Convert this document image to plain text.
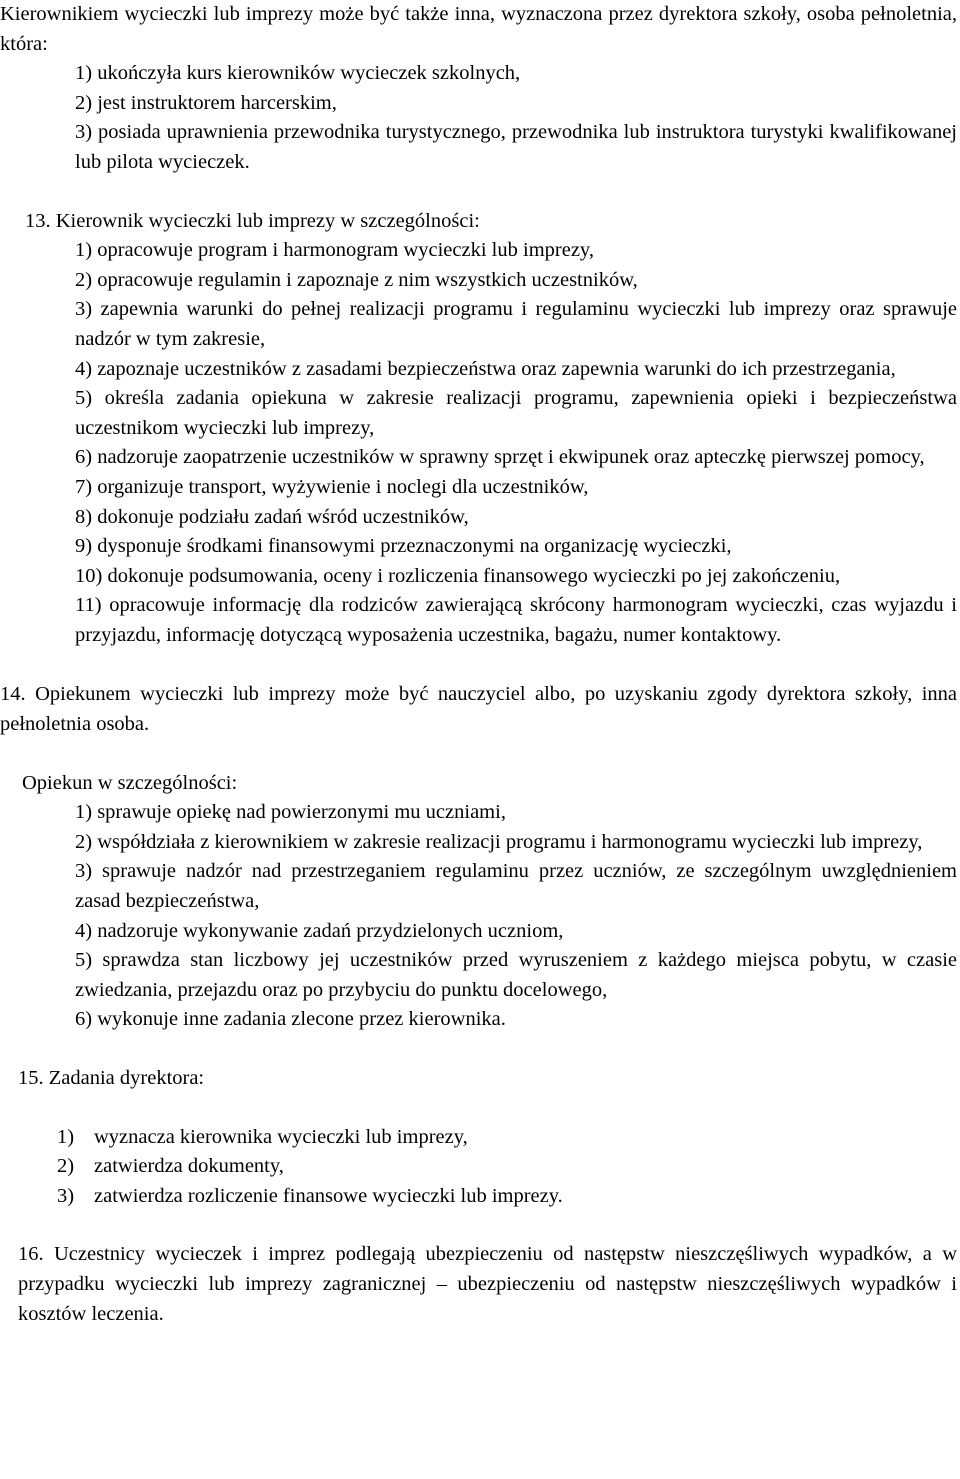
Kierownikiem wycieczki lub imprezy może być także inna, wyznaczona przez dyrektora szkoły, osoba pełnoletnia, która:

1) ukończyła kurs kierowników wycieczek szkolnych,

2) jest instruktorem harcerskim,

3) posiada uprawnienia przewodnika turystycznego, przewodnika lub instruktora turystyki kwalifikowanej lub pilota wycieczek.

13. Kierownik wycieczki lub imprezy w szczególności:

1) opracowuje program i harmonogram wycieczki lub imprezy,

2) opracowuje regulamin i zapoznaje z nim wszystkich uczestników,

3) zapewnia warunki do pełnej realizacji programu i regulaminu wycieczki lub imprezy oraz sprawuje nadzór w tym zakresie,

4) zapoznaje uczestników z zasadami bezpieczeństwa oraz zapewnia warunki do ich przestrzegania,

5) określa zadania opiekuna w zakresie realizacji programu, zapewnienia opieki i bezpieczeństwa uczestnikom wycieczki lub imprezy,

6) nadzoruje zaopatrzenie uczestników w sprawny sprzęt i ekwipunek oraz apteczkę pierwszej pomocy,

7) organizuje transport, wyżywienie i noclegi dla uczestników,

8) dokonuje podziału zadań wśród uczestników,

9) dysponuje środkami finansowymi przeznaczonymi na organizację wycieczki,

10) dokonuje podsumowania, oceny i rozliczenia finansowego wycieczki po jej zakończeniu,

11) opracowuje informację dla rodziców zawierającą skrócony harmonogram wycieczki, czas wyjazdu i przyjazdu, informację dotyczącą wyposażenia uczestnika, bagażu, numer kontaktowy.

14. Opiekunem wycieczki lub imprezy może być nauczyciel albo, po uzyskaniu zgody dyrektora szkoły, inna pełnoletnia osoba.

Opiekun w szczególności:

1) sprawuje opiekę nad powierzonymi mu uczniami,

2) współdziała z kierownikiem w zakresie realizacji programu i harmonogramu wycieczki lub imprezy,

3) sprawuje nadzór nad przestrzeganiem regulaminu przez uczniów, ze szczególnym uwzględnieniem zasad bezpieczeństwa,

4) nadzoruje wykonywanie zadań przydzielonych uczniom,

5) sprawdza stan liczbowy jej uczestników przed wyruszeniem z każdego miejsca pobytu, w czasie zwiedzania, przejazdu oraz po przybyciu do punktu docelowego,

6) wykonuje inne zadania zlecone przez kierownika.

15. Zadania dyrektora:

1) wyznacza kierownika wycieczki lub imprezy,

2) zatwierdza dokumenty,

3) zatwierdza rozliczenie finansowe wycieczki lub imprezy.

16. Uczestnicy wycieczek i imprez podlegają ubezpieczeniu od następstw nieszczęśliwych wypadków, a w przypadku wycieczki lub imprezy zagranicznej – ubezpieczeniu od następstw nieszczęśliwych wypadków i kosztów leczenia.
